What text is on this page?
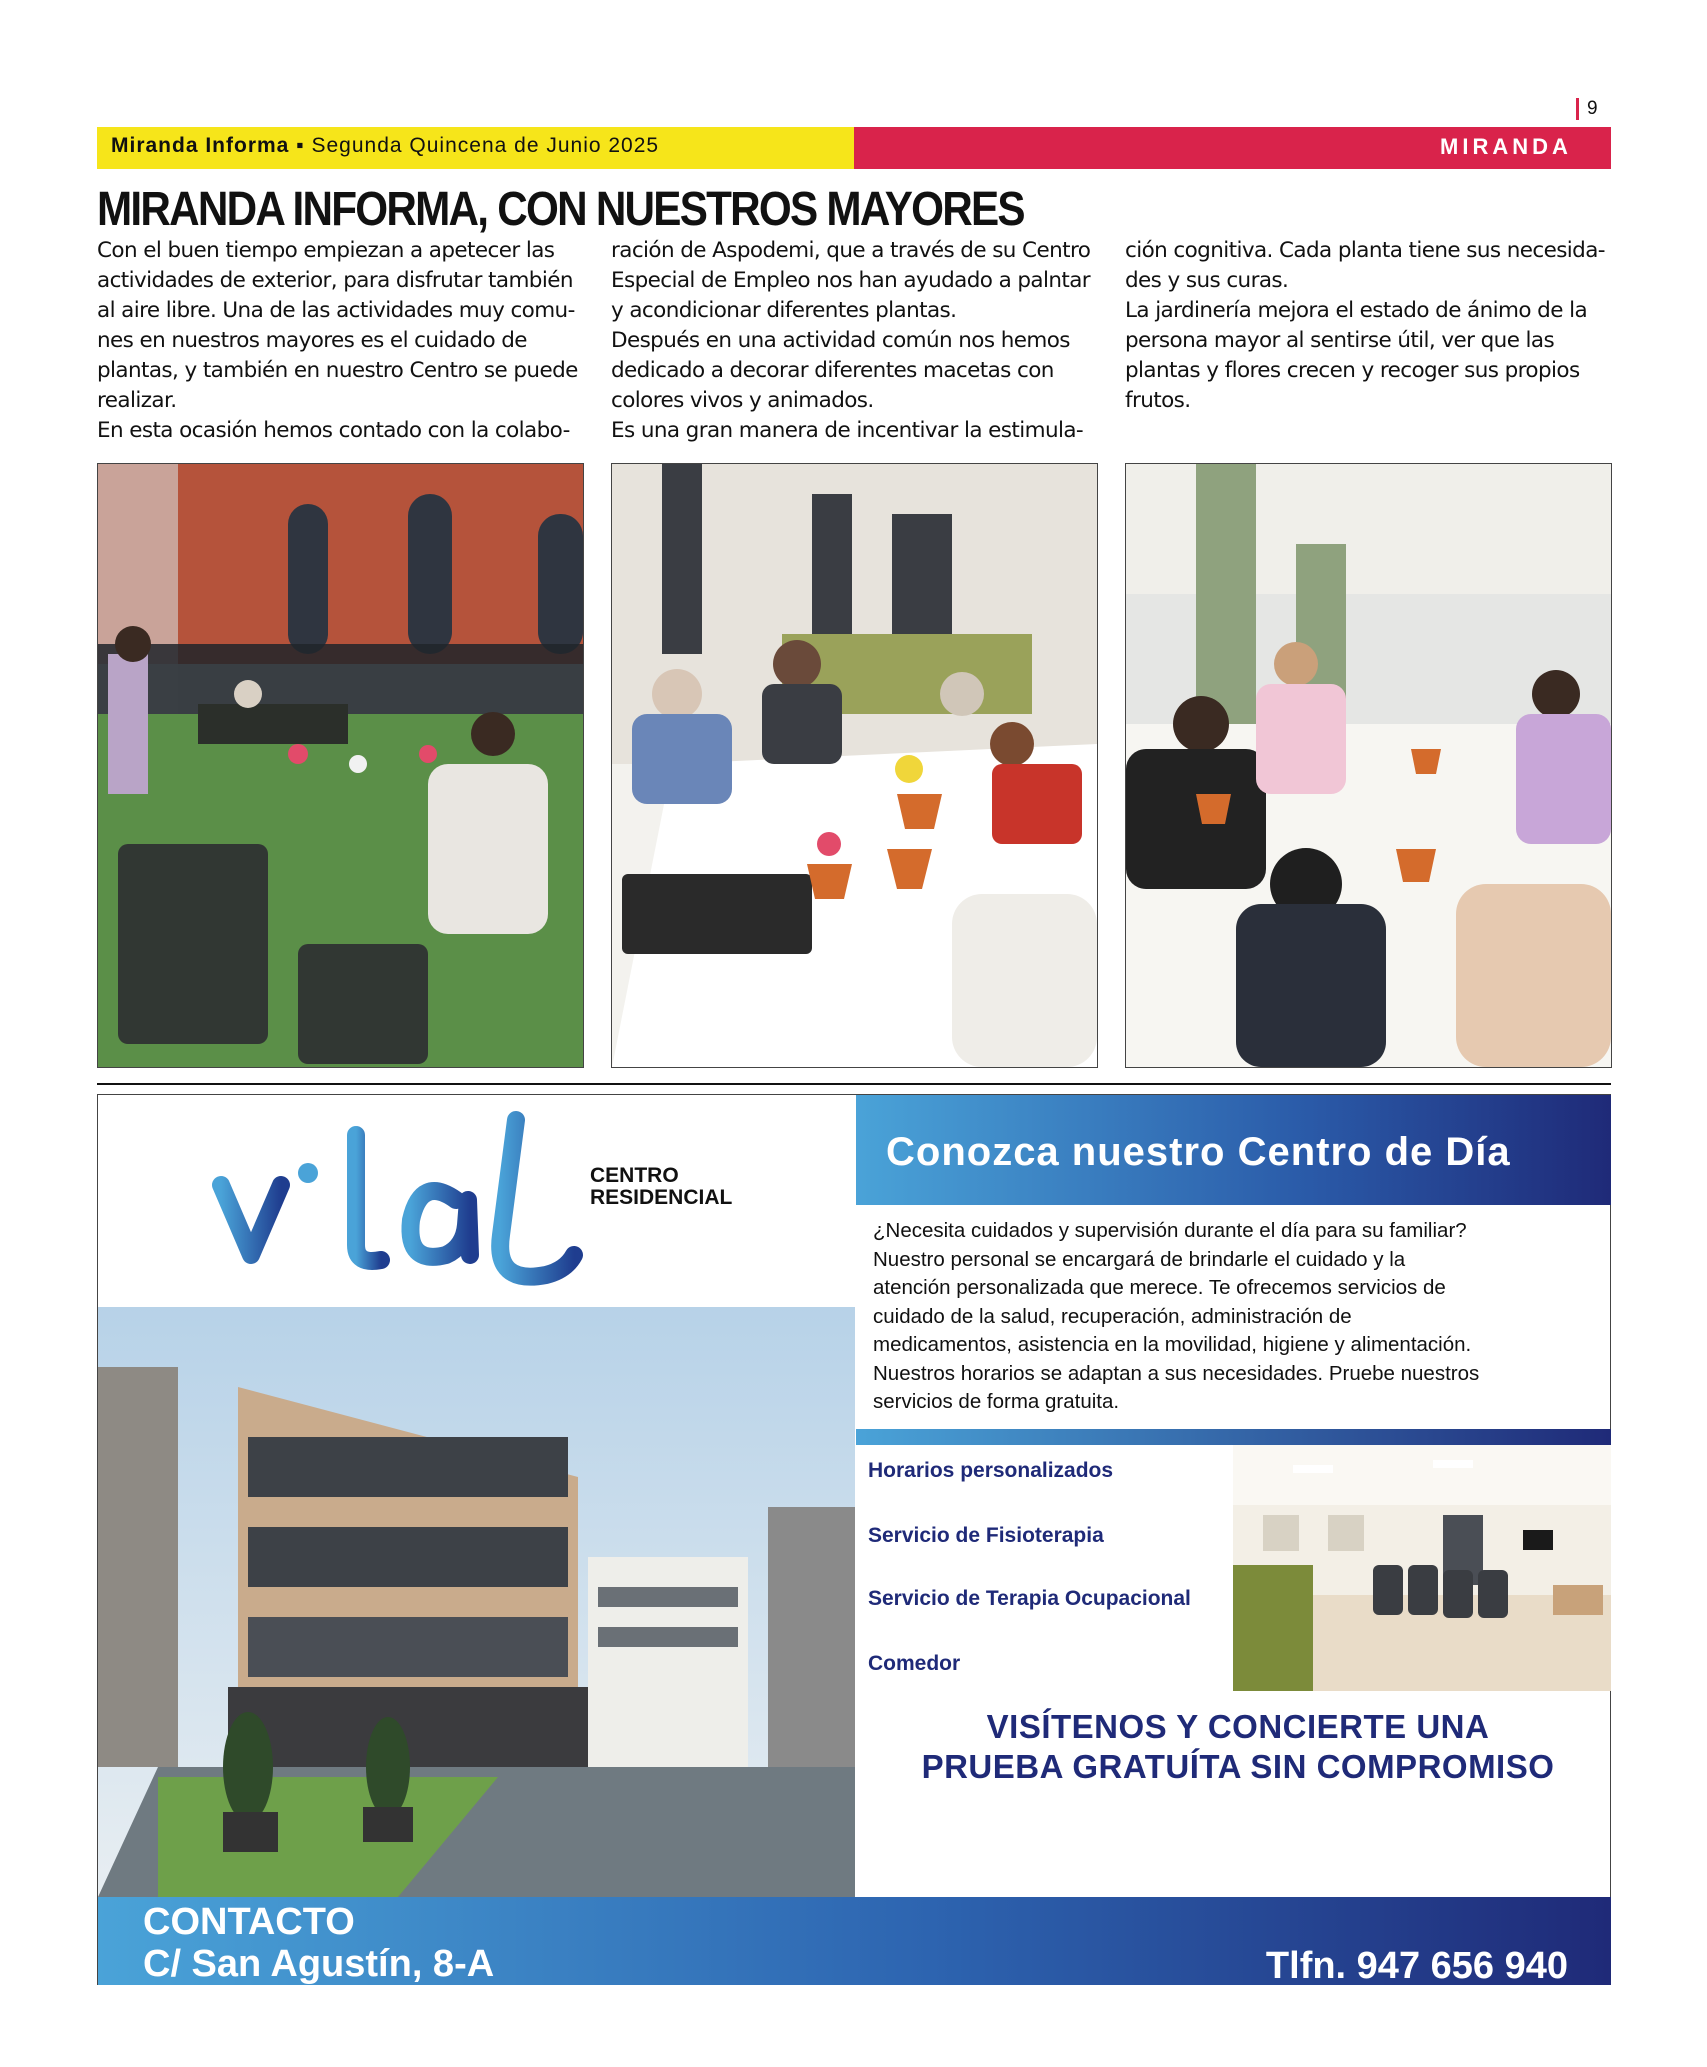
9
Miranda Informa ▪ Segunda Quincena de Junio 2025	MIRANDA
MIRANDA INFORMA, CON NUESTROS MAYORES

Con el buen tiempo empiezan a apetecer las

actividades de exterior, para disfrutar también

al aire libre. Una de las actividades muy comu-

nes en nuestros mayores es el cuidado de

plantas, y también en nuestro Centro se puede

realizar.

En esta ocasión hemos contado con la colabo-

ración de Aspodemi, que a través de su Centro

Especial de Empleo nos han ayudado a palntar

y acondicionar diferentes plantas.

Después en una actividad común nos hemos

dedicado a decorar diferentes macetas con

colores vivos y animados.

Es una gran manera de incentivar la estimula-

ción cognitiva. Cada planta tiene sus necesida-

des y sus curas.

La jardinería mejora el estado de ánimo de la

persona mayor al sentirse útil, ver que las

plantas y flores crecen y recoger sus propios

frutos.

CENTRO
RESIDENCIAL
Conozca nuestro Centro de Día
¿Necesita cuidados y supervisión durante el día para su familiar?
Nuestro personal se encargará de brindarle el cuidado y la
atención personalizada que merece. Te ofrecemos servicios de
cuidado de la salud, recuperación, administración de
medicamentos, asistencia en la movilidad, higiene y alimentación.
Nuestros horarios se adaptan a sus necesidades. Pruebe nuestros
servicios de forma gratuita.
Horarios personalizados
Servicio de Fisioterapia
Servicio de Terapia Ocupacional
Comedor
VISÍTENOS Y CONCIERTE UNA
PRUEBA GRATUÍTA SIN COMPROMISO
CONTACTO
C/ San Agustín, 8-A
09200 Miranda de Ebro, Burgos
Tlfn. 947 656 940
info@crvital.com
